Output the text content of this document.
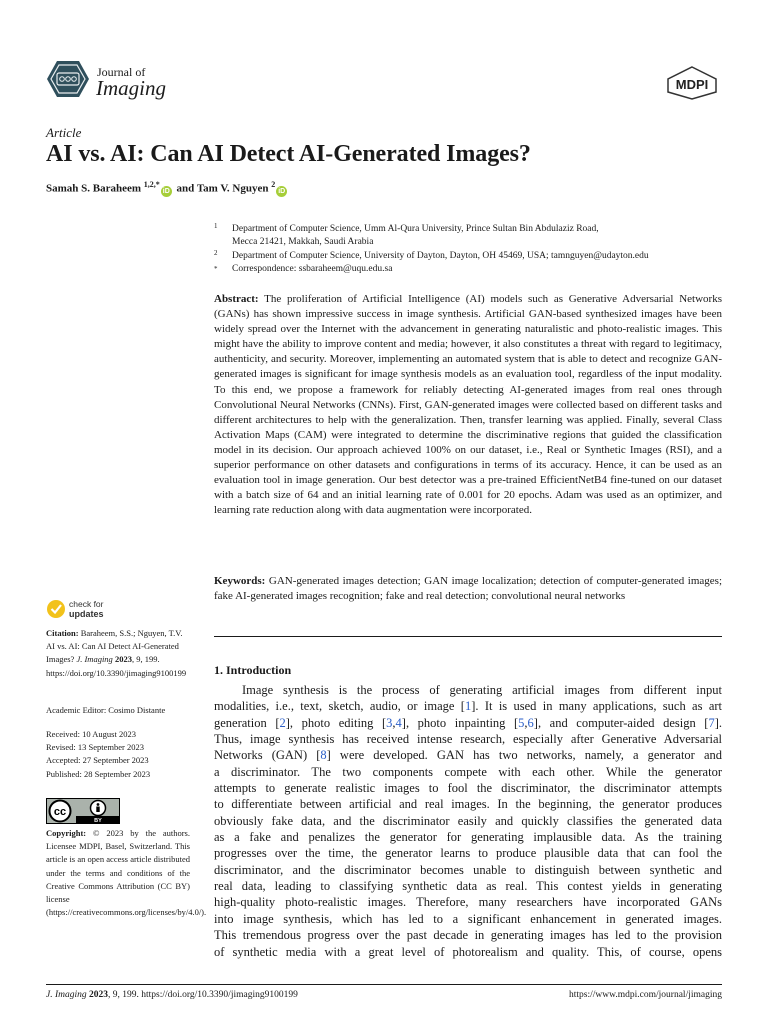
Journal of
Imaging	MDPI
Article
AI vs. AI: Can AI Detect AI-Generated Images?
Samah S. Baraheem $^{1,2,*}$iD and Tam V. Nguyen $^2$iD
1 Department of Computer Science, Umm Al-Qura University, Prince Sultan Bin Abdulaziz Road,
Mecca 21421, Makkah, Saudi Arabia
2 Department of Computer Science, University of Dayton, Dayton, OH 45469, USA; tamnguyen@udayton.edu
* Correspondence: ssbaraheem@uqu.edu.sa
Abstract: The proliferation of Artificial Intelligence (AI) models such as Generative Adversarial Networks (GANs) has shown impressive success in image synthesis. Artificial GAN-based synthesized images have been widely spread over the Internet with the advancement in generating naturalistic and photo-realistic images. This might have the ability to improve content and media; however, it also constitutes a threat with regard to legitimacy, authenticity, and security. Moreover, implementing an automated system that is able to detect and recognize GAN-generated images is significant for image synthesis models as an evaluation tool, regardless of the input modality. To this end, we propose a framework for reliably detecting AI-generated images from real ones through Convolutional Neural Networks (CNNs). First, GAN-generated images were collected based on different tasks and different architectures to help with the generalization. Then, transfer learning was applied. Finally, several Class Activation Maps (CAM) were integrated to determine the discriminative regions that guided the classification model in its decision. Our approach achieved 100% on our dataset, i.e., Real or Synthetic Images (RSI), and a superior performance on other datasets and configurations in terms of its accuracy. Hence, it can be used as an evaluation tool in image generation. Our best detector was a pre-trained EfficientNetB4 fine-tuned on our dataset with a batch size of 64 and an initial learning rate of 0.001 for 20 epochs. Adam was used as an optimizer, and learning rate reduction along with data augmentation were incorporated.
Keywords: GAN-generated images detection; GAN image localization; detection of computer-generated images; fake AI-generated images recognition; fake and real detection; convolutional neural networks
1. Introduction
Image synthesis is the process of generating artificial images from different input
modalities, i.e., text, sketch, audio, or image [1]. It is used in many applications, such as art
generation [2], photo editing [3,4], photo inpainting [5,6], and computer-aided design [7].
Thus, image synthesis has received intense research, especially after Generative Adversarial
Networks (GAN) [8] were developed. GAN has two networks, namely, a generator and
a discriminator. The two components compete with each other. While the generator
attempts to generate realistic images to fool the discriminator, the discriminator attempts
to differentiate between artificial and real images. In the beginning, the generator produces
obviously fake data, and the discriminator easily and quickly classifies the generated data
as a fake and penalizes the generator for generating implausible data. As the training
progresses over the time, the generator learns to produce plausible data that can fool the
discriminator, and the discriminator becomes unable to distinguish between synthetic and
real data, leading to classifying synthetic data as real. This contest yields in generating
high-quality photo-realistic images. Therefore, many researchers have incorporated GANs
into image synthesis, which has led to a significant enhancement in generated images.
This tremendous progress over the past decade in generating images has led to the provision
of synthetic media with a great level of photorealism and quality. This, of course, opens
check for
updates
Citation: Baraheem, S.S.; Nguyen, T.V. AI vs. AI: Can AI Detect AI-Generated Images? J. Imaging 2023, 9, 199. https://doi.org/10.3390/jimaging9100199
Academic Editor: Cosimo Distante
Received: 10 August 2023
Revised: 13 September 2023
Accepted: 27 September 2023
Published: 28 September 2023
cc
BY
Copyright: © 2023 by the authors. Licensee MDPI, Basel, Switzerland. This article is an open access article distributed under the terms and conditions of the Creative Commons Attribution (CC BY) license (https://creativecommons.org/licenses/by/4.0/).
J. Imaging 2023, 9, 199. https://doi.org/10.3390/jimaging9100199	https://www.mdpi.com/journal/jimaging
